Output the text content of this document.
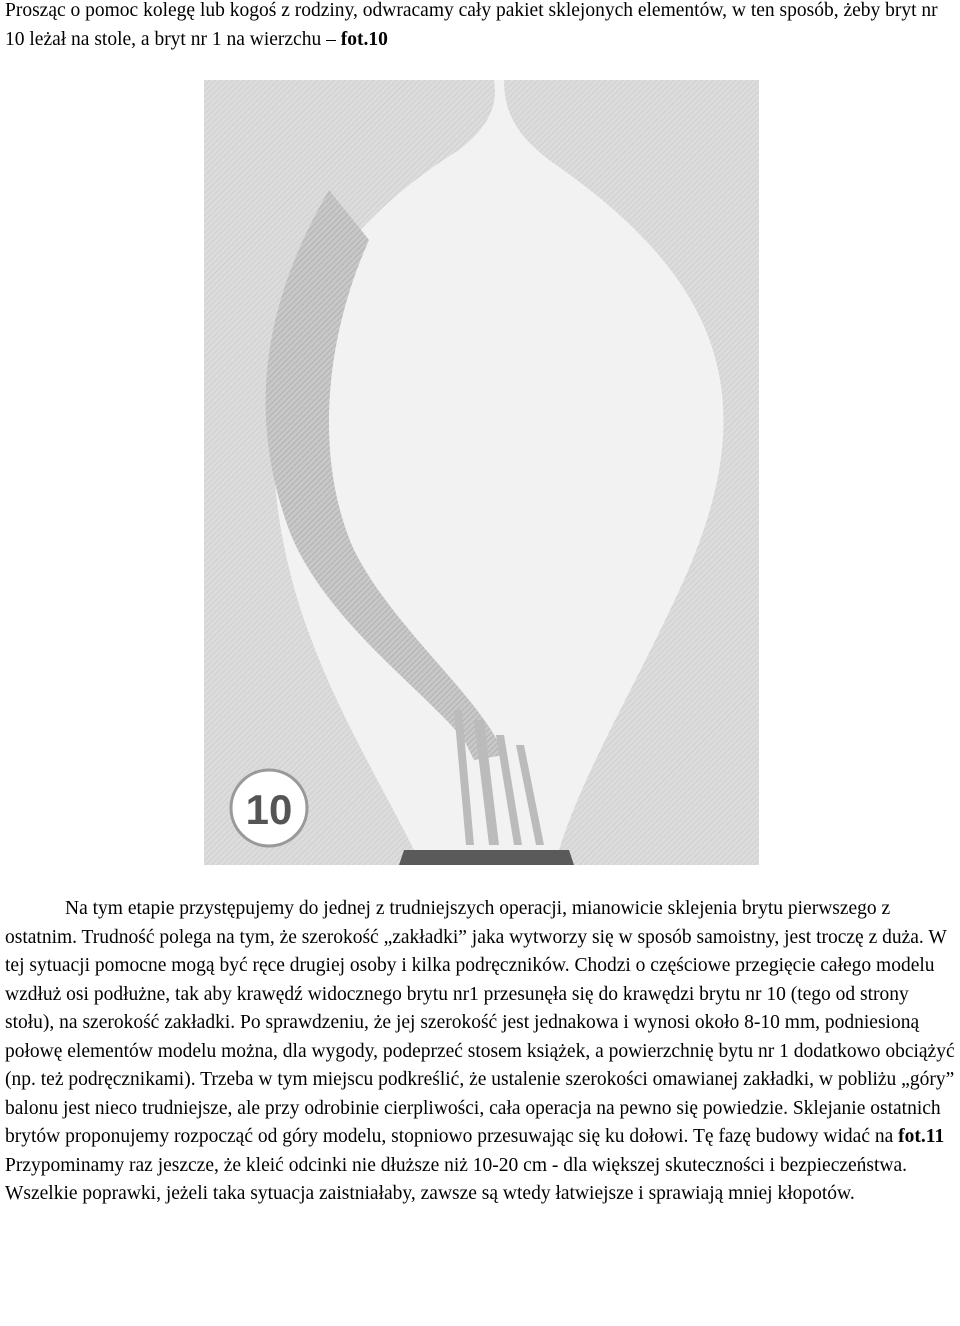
Prosząc o pomoc kolegę lub kogoś z rodziny, odwracamy cały pakiet sklejonych elementów, w ten sposób, żeby bryt nr 10 leżał na stole, a bryt nr 1 na wierzchu – fot.10

10

Na tym etapie przystępujemy do jednej z trudniejszych operacji, mianowicie sklejenia brytu pierwszego z ostatnim. Trudność polega na tym, że szerokość „zakładki” jaka wytworzy się w sposób samoistny, jest troczę z duża. W tej sytuacji pomocne mogą być ręce drugiej osoby i kilka podręczników. Chodzi o częściowe przegięcie całego modelu wzdłuż osi podłużne, tak aby krawędź widocznego brytu nr1 przesunęła się do krawędzi brytu nr 10 (tego od strony stołu), na szerokość zakładki. Po sprawdzeniu, że jej szerokość jest jednakowa i wynosi około 8-10 mm, podniesioną połowę elementów modelu można, dla wygody, podeprzeć stosem książek, a powierzchnię bytu nr 1 dodatkowo obciążyć (np. też podręcznikami). Trzeba w tym miejscu podkreślić, że ustalenie szerokości omawianej zakładki, w pobliżu „góry” balonu jest nieco trudniejsze, ale przy odrobinie cierpliwości, cała operacja na pewno się powiedzie. Sklejanie ostatnich brytów proponujemy rozpocząć od góry modelu, stopniowo przesuwając się ku dołowi. Tę fazę budowy widać na fot.11 Przypominamy raz jeszcze, że kleić odcinki nie dłuższe niż 10-20 cm - dla większej skuteczności i bezpieczeństwa. Wszelkie poprawki, jeżeli taka sytuacja zaistniałaby, zawsze są wtedy łatwiejsze i sprawiają mniej kłopotów.
